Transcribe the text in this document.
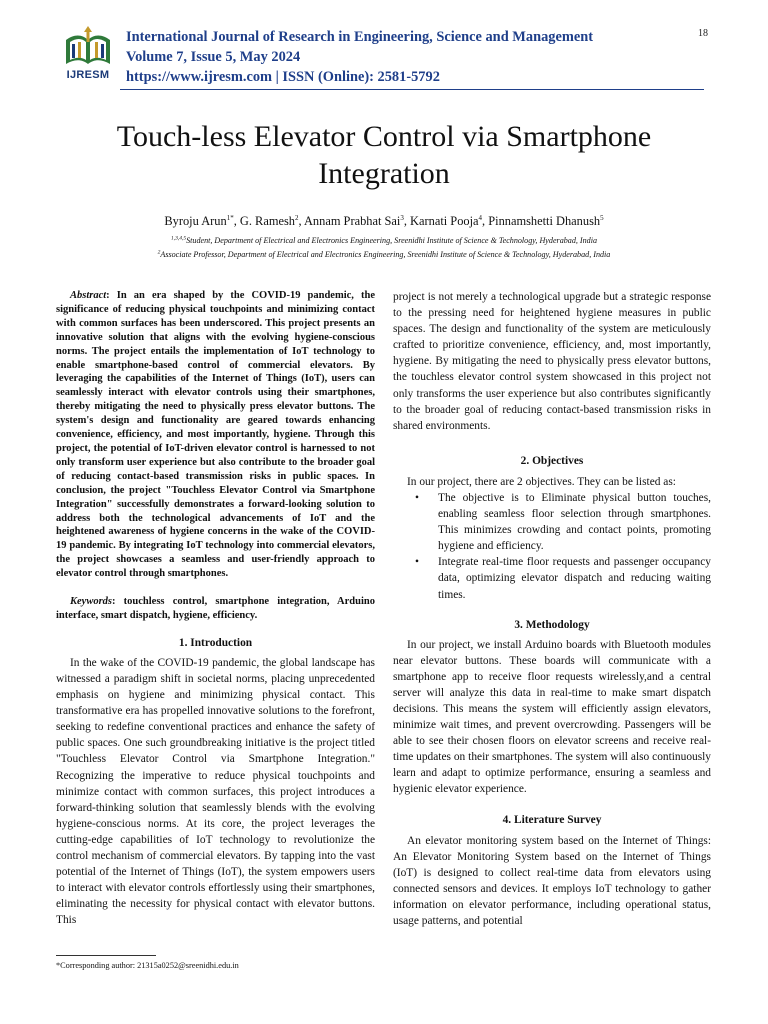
IJRESM
International Journal of Research in Engineering, Science and Management
Volume 7, Issue 5, May 2024
https://www.ijresm.com | ISSN (Online): 2581-5792
18
Touch-less Elevator Control via Smartphone
Integration
Byroju Arun$^{1*}$, G. Ramesh$^2$, Annam Prabhat Sai$^3$, Karnati Pooja$^4$, Pinnamshetti Dhanush$^5$
$^{1,3,4,5}$Student, Department of Electrical and Electronics Engineering, Sreenidhi Institute of Science & Technology, Hyderabad, India
$^2$Associate Professor, Department of Electrical and Electronics Engineering, Sreenidhi Institute of Science & Technology, Hyderabad, India

Abstract: In an era shaped by the COVID-19 pandemic, the significance of reducing physical touchpoints and minimizing contact with common surfaces has been underscored. This project presents an innovative solution that aligns with the evolving hygiene-conscious norms. The project entails the implementation of IoT technology to enable smartphone-based control of commercial elevators. By leveraging the capabilities of the Internet of Things (IoT), users can seamlessly interact with elevator controls using their smartphones, thereby mitigating the need to physically press elevator buttons. The system's design and functionality are geared towards enhancing convenience, efficiency, and most importantly, hygiene. Through this project, the potential of IoT-driven elevator control is harnessed to not only transform user experience but also contribute to the broader goal of reducing contact-based transmission risks in public spaces. In conclusion, the project "Touchless Elevator Control via Smartphone Integration" successfully demonstrates a forward-looking solution to address both the technological advancements of IoT and the heightened awareness of hygiene concerns in the wake of the COVID-19 pandemic. By integrating IoT technology into commercial elevators, the project showcases a seamless and user-friendly approach to elevator control through smartphones.

Keywords: touchless control, smartphone integration, Arduino interface, smart dispatch, hygiene, efficiency.

1. Introduction

In the wake of the COVID-19 pandemic, the global landscape has witnessed a paradigm shift in societal norms, placing unprecedented emphasis on hygiene and minimizing physical contact. This transformative era has propelled innovative solutions to the forefront, seeking to redefine conventional practices and enhance the safety of public spaces. One such groundbreaking initiative is the project titled "Touchless Elevator Control via Smartphone Integration." Recognizing the imperative to reduce physical touchpoints and minimize contact with common surfaces, this project introduces a forward-thinking solution that seamlessly blends with the evolving hygiene-conscious norms. At its core, the project leverages the cutting-edge capabilities of IoT technology to revolutionize the control mechanism of commercial elevators. By tapping into the vast potential of the Internet of Things (IoT), the system empowers users to interact with elevator controls effortlessly using their smartphones, eliminating the necessity for physical contact with elevator buttons. This

project is not merely a technological upgrade but a strategic response to the pressing need for heightened hygiene measures in public spaces. The design and functionality of the system are meticulously crafted to prioritize convenience, efficiency, and, most importantly, hygiene. By mitigating the need to physically press elevator buttons, the touchless elevator control system showcased in this project not only transforms the user experience but also contributes significantly to the broader goal of reducing contact-based transmission risks in shared environments.

2. Objectives

In our project, there are 2 objectives. They can be listed as:

• The objective is to Eliminate physical button touches, enabling seamless floor selection through smartphones. This minimizes crowding and contact points, promoting hygiene and efficiency.
• Integrate real-time floor requests and passenger occupancy data, optimizing elevator dispatch and reducing waiting times.
3. Methodology

In our project, we install Arduino boards with Bluetooth modules near elevator buttons. These boards will communicate with a smartphone app to receive floor requests wirelessly,and a central server will analyze this data in real-time to make smart dispatch decisions. This means the system will efficiently assign elevators, minimize wait times, and prevent overcrowding. Passengers will be able to see their chosen floors on elevator screens and receive real-time updates on their smartphones. The system will also continuously learn and adapt to optimize performance, ensuring a seamless and hygienic elevator experience.

4. Literature Survey

An elevator monitoring system based on the Internet of Things: An Elevator Monitoring System based on the Internet of Things (IoT) is designed to collect real-time data from elevators using connected sensors and devices. It employs IoT technology to gather information on elevator performance, including operational status, usage patterns, and potential

*Corresponding author: 21315a0252@sreenidhi.edu.in
